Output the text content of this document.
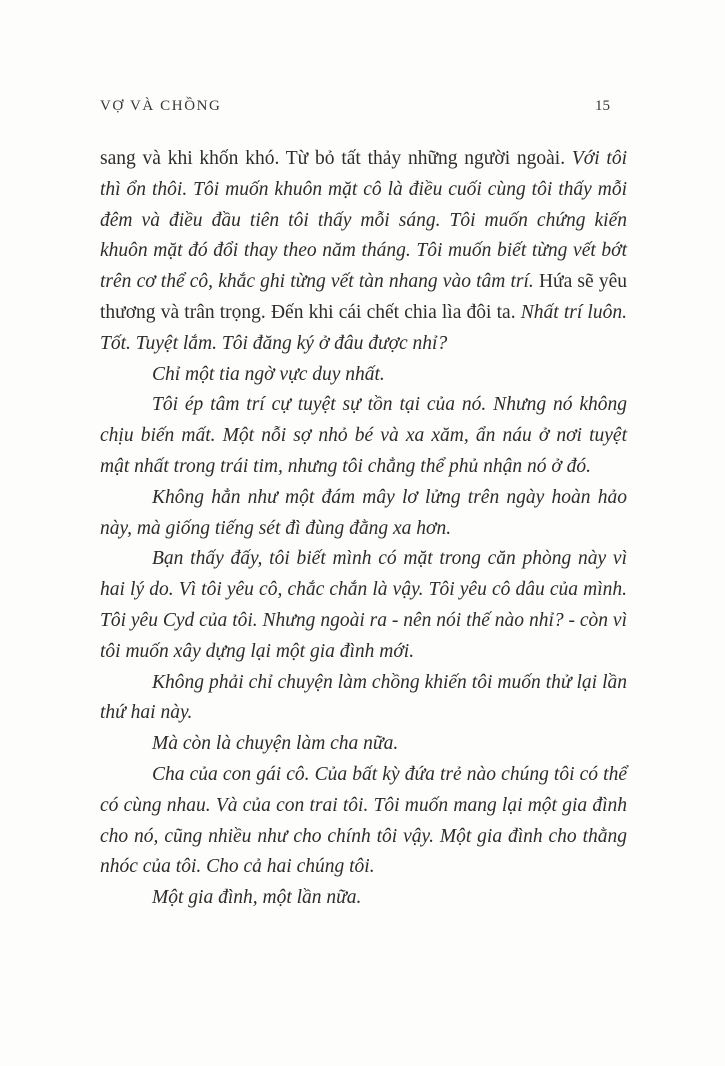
VỢ VÀ CHỒNG	15

sang và khi khốn khó. Từ bỏ tất thảy những người ngoài. Với tôi thì ổn thôi. Tôi muốn khuôn mặt cô là điều cuối cùng tôi thấy mỗi đêm và điều đầu tiên tôi thấy mỗi sáng. Tôi muốn chứng kiến khuôn mặt đó đổi thay theo năm tháng. Tôi muốn biết từng vết bớt trên cơ thể cô, khắc ghi từng vết tàn nhang vào tâm trí. Hứa sẽ yêu thương và trân trọng. Đến khi cái chết chia lìa đôi ta. Nhất trí luôn. Tốt. Tuyệt lắm. Tôi đăng ký ở đâu được nhỉ?

Chỉ một tia ngờ vực duy nhất.

Tôi ép tâm trí cự tuyệt sự tồn tại của nó. Nhưng nó không chịu biến mất. Một nỗi sợ nhỏ bé và xa xăm, ẩn náu ở nơi tuyệt mật nhất trong trái tim, nhưng tôi chẳng thể phủ nhận nó ở đó.

Không hẳn như một đám mây lơ lửng trên ngày hoàn hảo này, mà giống tiếng sét đì đùng đằng xa hơn.

Bạn thấy đấy, tôi biết mình có mặt trong căn phòng này vì hai lý do. Vì tôi yêu cô, chắc chắn là vậy. Tôi yêu cô dâu của mình. Tôi yêu Cyd của tôi. Nhưng ngoài ra - nên nói thế nào nhỉ? - còn vì tôi muốn xây dựng lại một gia đình mới.

Không phải chỉ chuyện làm chồng khiến tôi muốn thử lại lần thứ hai này.

Mà còn là chuyện làm cha nữa.

Cha của con gái cô. Của bất kỳ đứa trẻ nào chúng tôi có thể có cùng nhau. Và của con trai tôi. Tôi muốn mang lại một gia đình cho nó, cũng nhiều như cho chính tôi vậy. Một gia đình cho thằng nhóc của tôi. Cho cả hai chúng tôi.

Một gia đình, một lần nữa.
